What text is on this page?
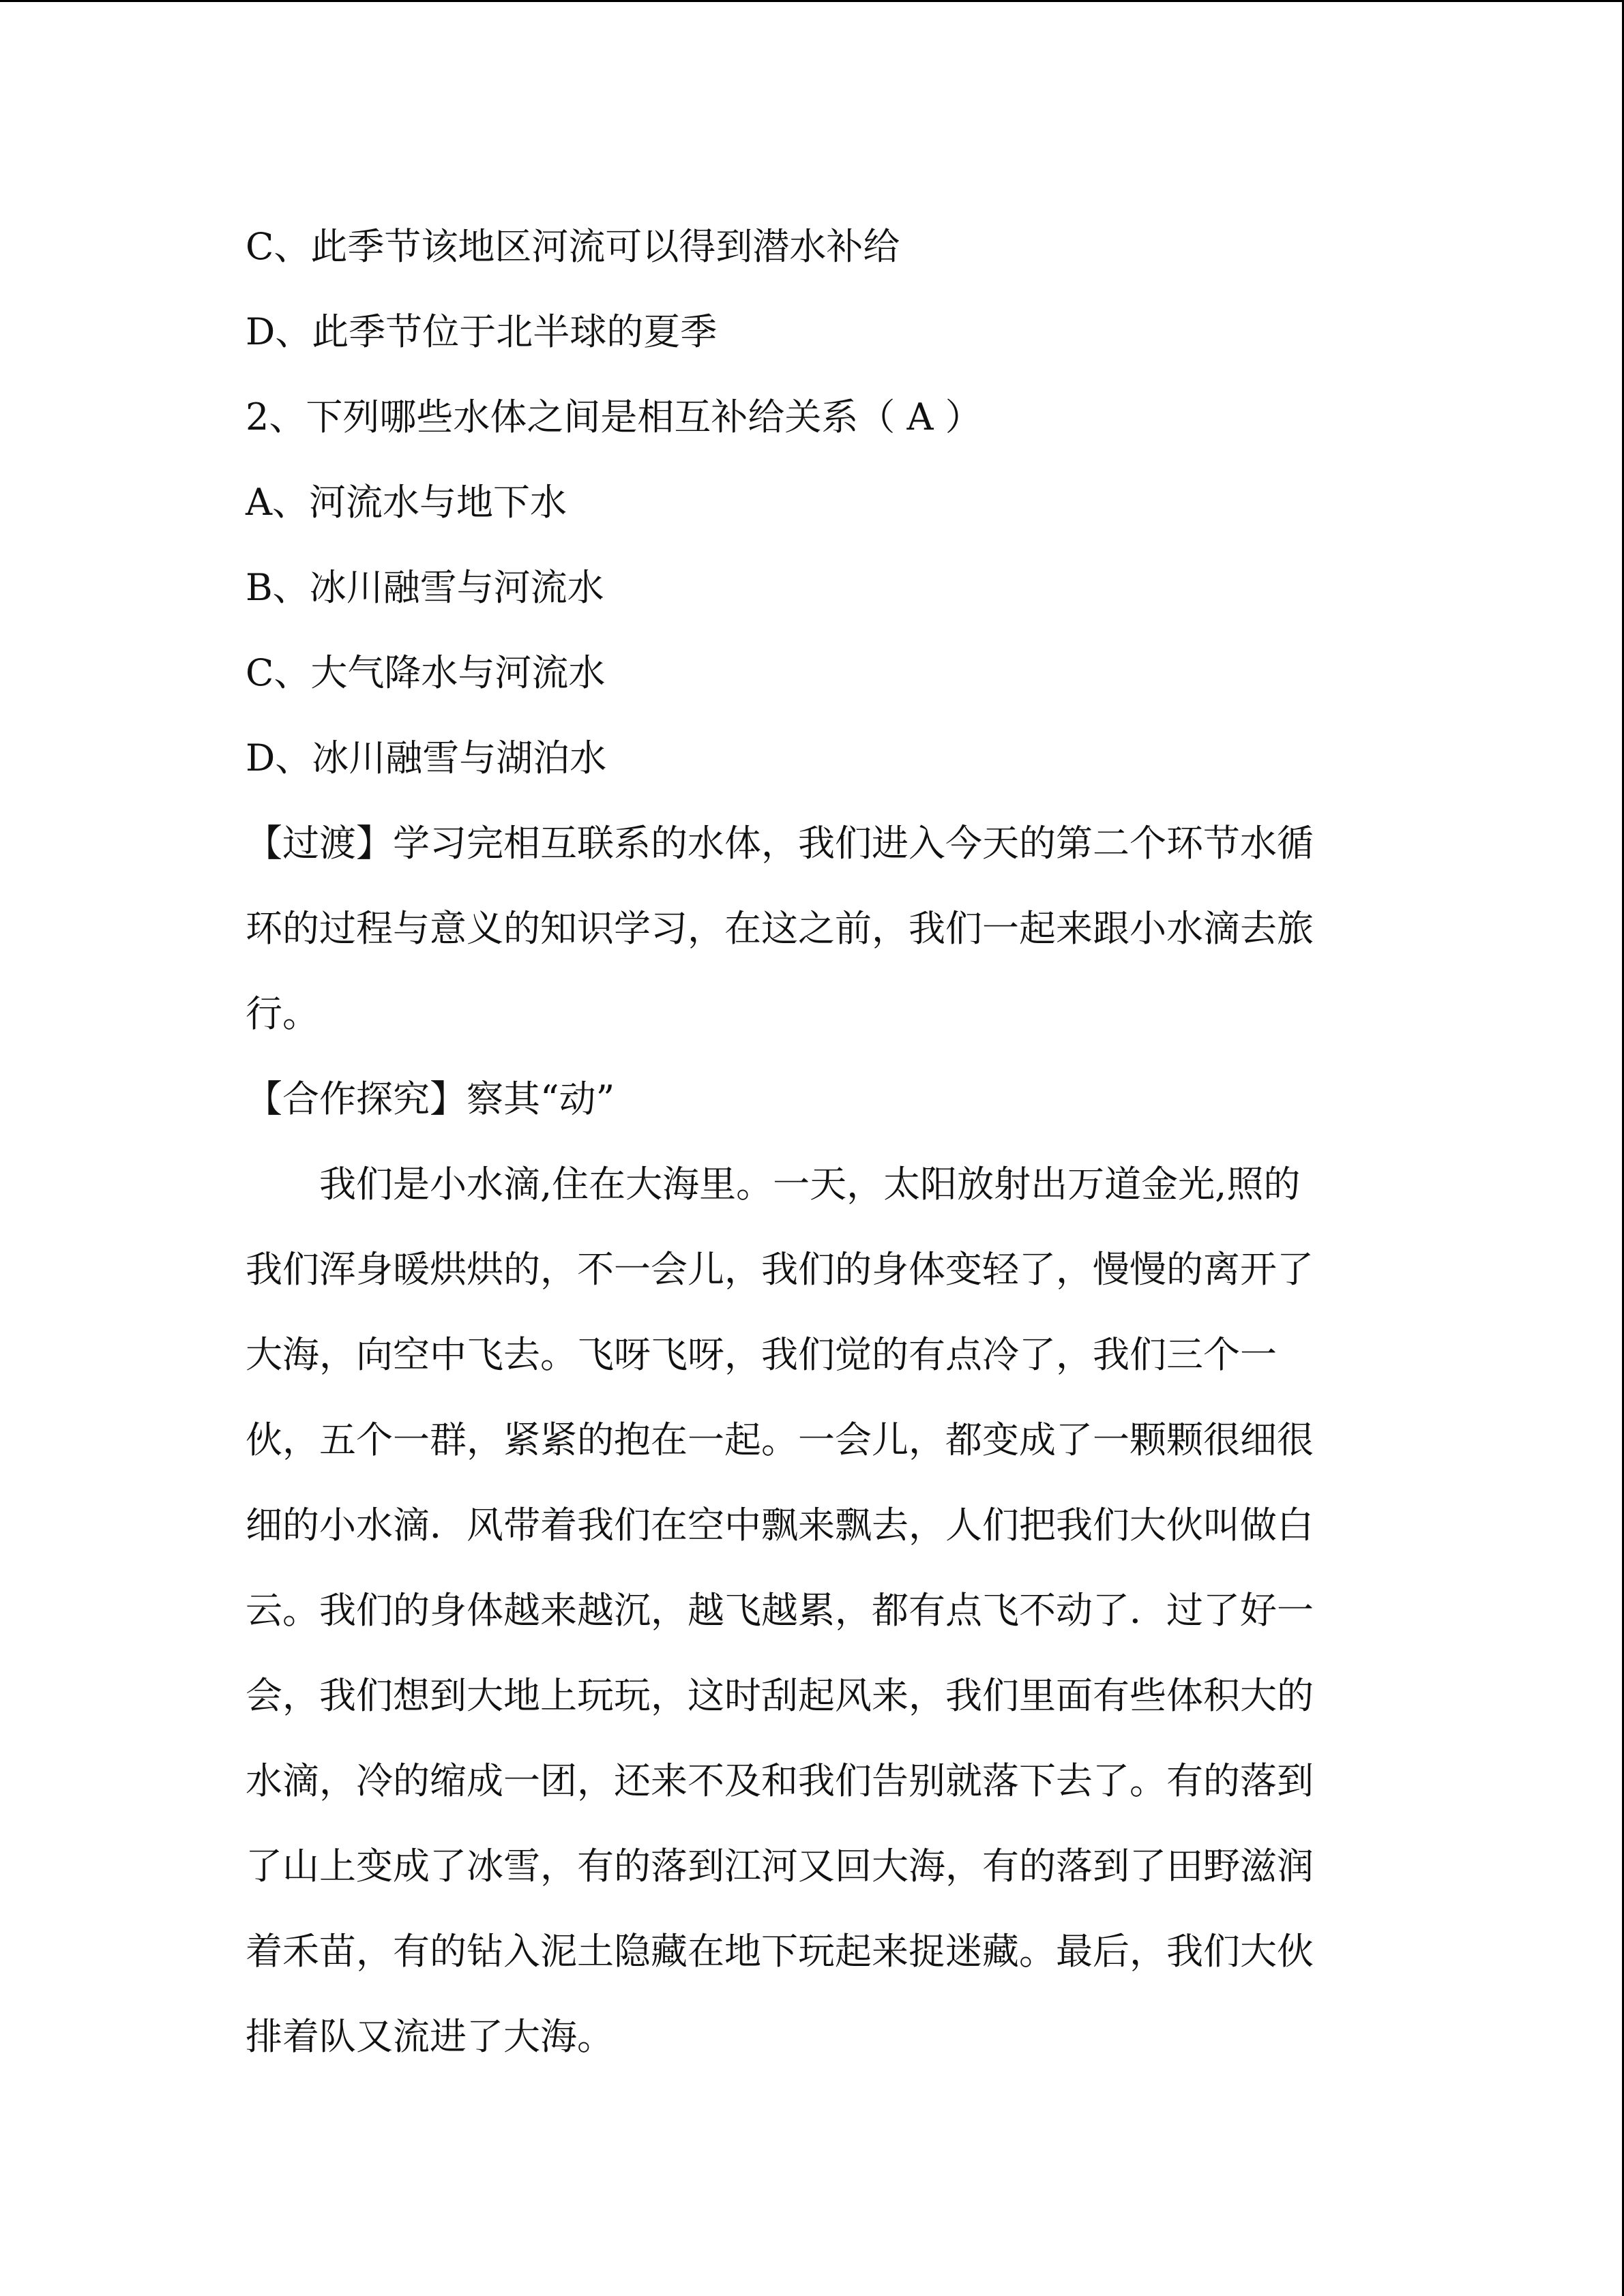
C、此季节该地区河流可以得到潜水补给
D、此季节位于北半球的夏季
2、下列哪些水体之间是相互补给关系（ A ）
A、河流水与地下水
B、冰川融雪与河流水
C、大气降水与河流水
D、冰川融雪与湖泊水
【过渡】学习完相互联系的水体，我们进入今天的第二个环节水循
环的过程与意义的知识学习，在这之前，我们一起来跟小水滴去旅
行。
【合作探究】察其“动”
我们是小水滴,住在大海里。一天，太阳放射出万道金光,照的
我们浑身暖烘烘的，不一会儿，我们的身体变轻了，慢慢的离开了
大海，向空中飞去。飞呀飞呀，我们觉的有点冷了，我们三个一
伙，五个一群，紧紧的抱在一起。一会儿，都变成了一颗颗很细很
细的小水滴．风带着我们在空中飘来飘去，人们把我们大伙叫做白
云。我们的身体越来越沉，越飞越累，都有点飞不动了．过了好一
会，我们想到大地上玩玩，这时刮起风来，我们里面有些体积大的
水滴，冷的缩成一团，还来不及和我们告别就落下去了。有的落到
了山上变成了冰雪，有的落到江河又回大海，有的落到了田野滋润
着禾苗，有的钻入泥土隐藏在地下玩起来捉迷藏。最后，我们大伙
排着队又流进了大海。
